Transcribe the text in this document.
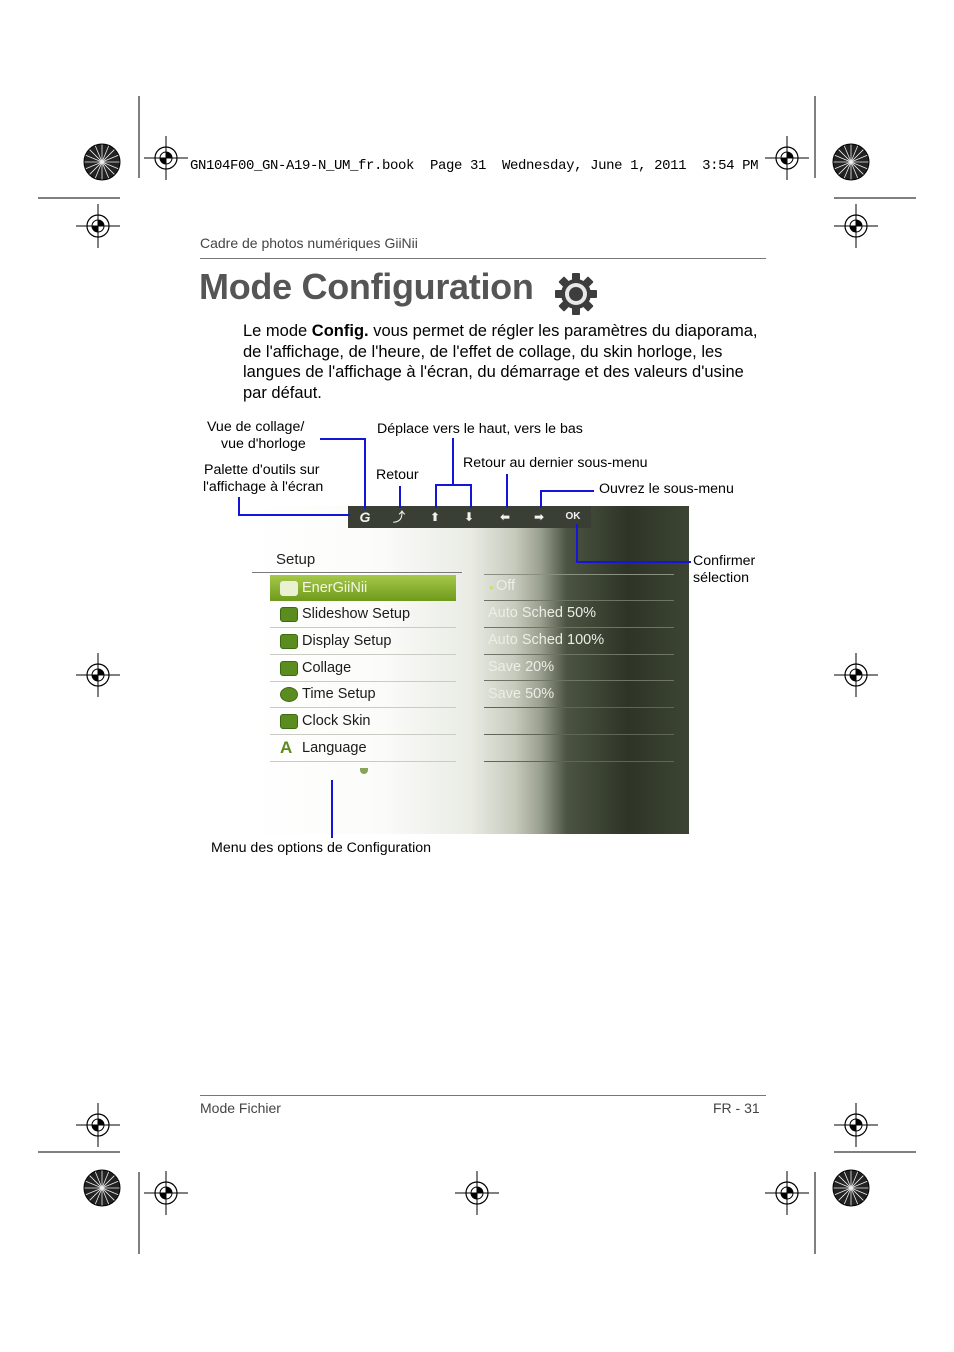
GN104F00_GN-A19-N_UM_fr.book  Page 31  Wednesday, June 1, 2011  3:54 PM
Cadre de photos numériques GiiNii
Mode Configuration
Le mode Config. vous permet de régler les paramètres du diaporama, de l'affichage, de l'heure, de l'effet de collage, du skin horloge, les langues de l'affichage à l'écran, du démarrage et des valeurs d'usine par défaut.
Vue de collage/
vue d'horloge
Palette d'outils sur
l'affichage à l'écran
Déplace vers le haut, vers le bas
Retour
Retour au dernier sous-menu
Ouvrez le sous-menu
Confirmer
sélection
Menu des options de Configuration
G ⤴	⬆	⬇	⬅	➡	OK
Setup
EnerGiiNii
Slideshow Setup
Display Setup
Collage
Time Setup
Clock Skin
A Language
• Off
Auto Sched 50%
Auto Sched 100%
Save 20%
Save 50%
Mode Fichier	FR - 31
